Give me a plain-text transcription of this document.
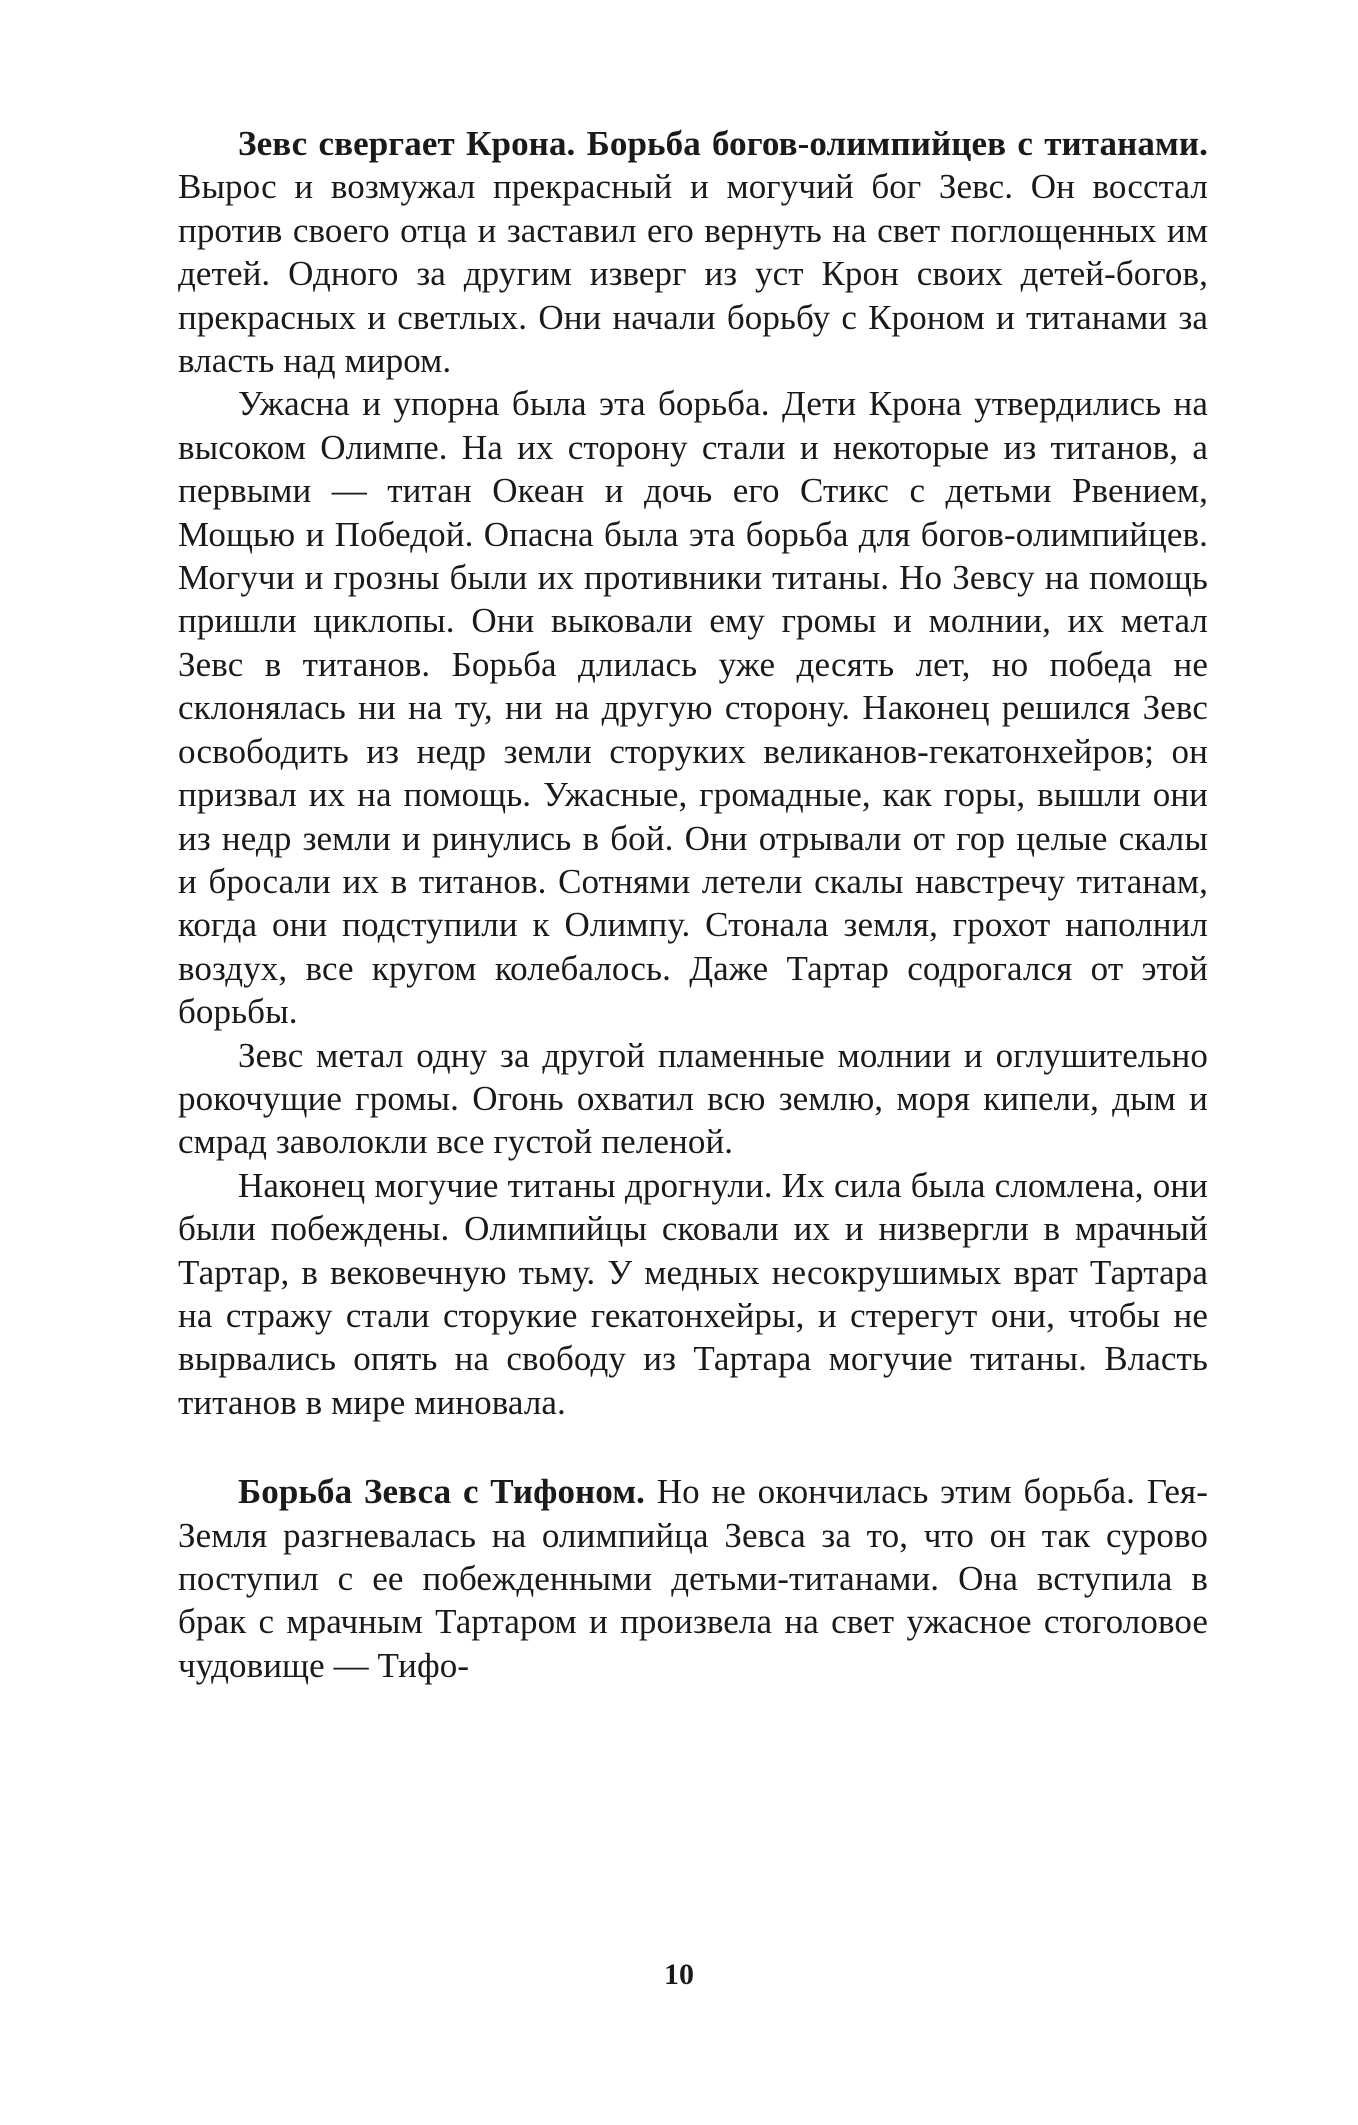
Зевс свергает Крона. Борьба богов-олимпийцев с титанами. Вырос и возмужал прекрасный и могучий бог Зевс. Он восстал против своего отца и заставил его вернуть на свет поглощенных им детей. Одного за другим изверг из уст Крон своих детей-богов, прекрасных и светлых. Они начали борьбу с Кроном и титанами за власть над миром.

Ужасна и упорна была эта борьба. Дети Крона утвердились на высоком Олимпе. На их сторону стали и некоторые из титанов, а первыми — титан Океан и дочь его Стикс с детьми Рвением, Мощью и Победой. Опасна была эта борьба для богов-олимпийцев. Могучи и грозны были их противники титаны. Но Зевсу на помощь пришли циклопы. Они выковали ему громы и молнии, их метал Зевс в титанов. Борьба длилась уже десять лет, но победа не склонялась ни на ту, ни на другую сторону. Наконец решился Зевс освободить из недр земли сторуких великанов-гекатонхейров; он призвал их на помощь. Ужасные, громадные, как горы, вышли они из недр земли и ринулись в бой. Они отрывали от гор целые скалы и бросали их в титанов. Сотнями летели скалы навстречу титанам, когда они подступили к Олимпу. Стонала земля, грохот наполнил воздух, все кругом колебалось. Даже Тартар содрогался от этой борьбы.

Зевс метал одну за другой пламенные молнии и оглушительно рокочущие громы. Огонь охватил всю землю, моря кипели, дым и смрад заволокли все густой пеленой.

Наконец могучие титаны дрогнули. Их сила была сломлена, они были побеждены. Олимпийцы сковали их и низвергли в мрачный Тартар, в вековечную тьму. У медных несокрушимых врат Тартара на стражу стали сторукие гекатонхейры, и стерегут они, чтобы не вырвались опять на свободу из Тартара могучие титаны. Власть титанов в мире миновала.

Борьба Зевса с Тифоном. Но не окончилась этим борьба. Гея-Земля разгневалась на олимпийца Зевса за то, что он так сурово поступил с ее побежденными детьми-титанами. Она вступила в брак с мрачным Тартаром и произвела на свет ужасное стоголовое чудовище — Тифо-

10
